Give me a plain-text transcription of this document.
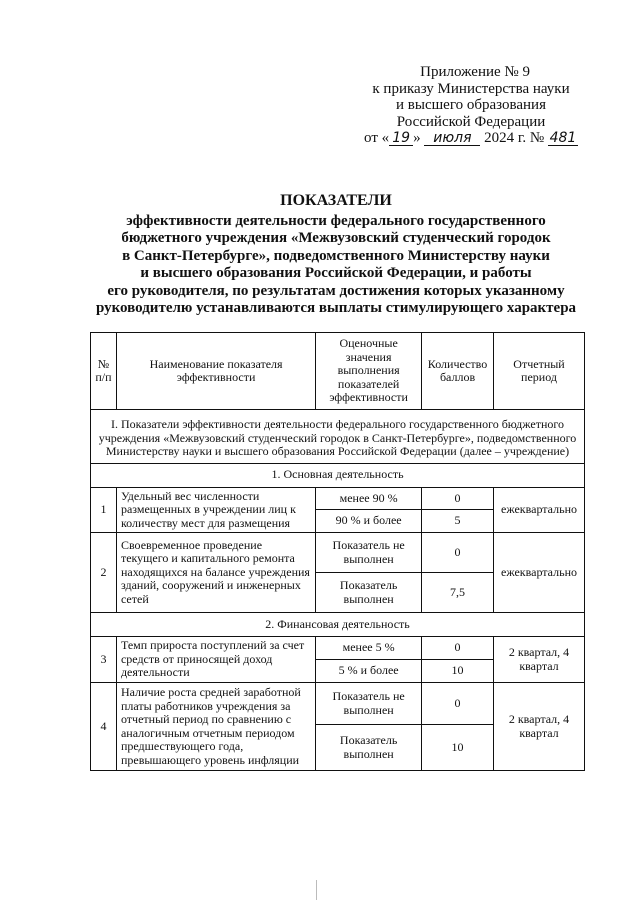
Приложение № 9
к приказу Министерства науки
и высшего образования
Российской Федерации
от « 19 » июля 2024 г. № 481
ПОКАЗАТЕЛИ
эффективности деятельности федерального государственного
бюджетного учреждения «Межвузовский студенческий городок
в Санкт-Петербурге», подведомственного Министерству науки
и высшего образования Российской Федерации, и работы
его руководителя, по результатам достижения которых указанному
руководителю устанавливаются выплаты стимулирующего характера
№ п/п	Наименование показателя эффективности	Оценочные значения выполнения показателей эффективности	Количество баллов	Отчетный период
I. Показатели эффективности деятельности федерального государственного бюджетного учреждения «Межвузовский студенческий городок в Санкт-Петербурге», подведомственного Министерству науки и высшего образования Российской Федерации (далее – учреждение)				
1. Основная деятельность				
1	Удельный вес численности размещенных в учреждении лиц к количеству мест для размещения	менее 90 %	0	ежеквартально
		90 % и более	5	
2	Своевременное проведение текущего и капитального ремонта находящихся на балансе учреждения зданий, сооружений и инженерных сетей	Показатель не выполнен	0	ежеквартально
		Показатель выполнен	7,5	
2. Финансовая деятельность				
3	Темп прироста поступлений за счет средств от приносящей доход деятельности	менее 5 %	0	2 квартал, 4 квартал
		5 % и более	10	
4	Наличие роста средней заработной платы работников учреждения за отчетный период по сравнению с аналогичным отчетным периодом предшествующего года, превышающего уровень инфляции	Показатель не выполнен	0	2 квартал, 4 квартал
		Показатель выполнен	10	
